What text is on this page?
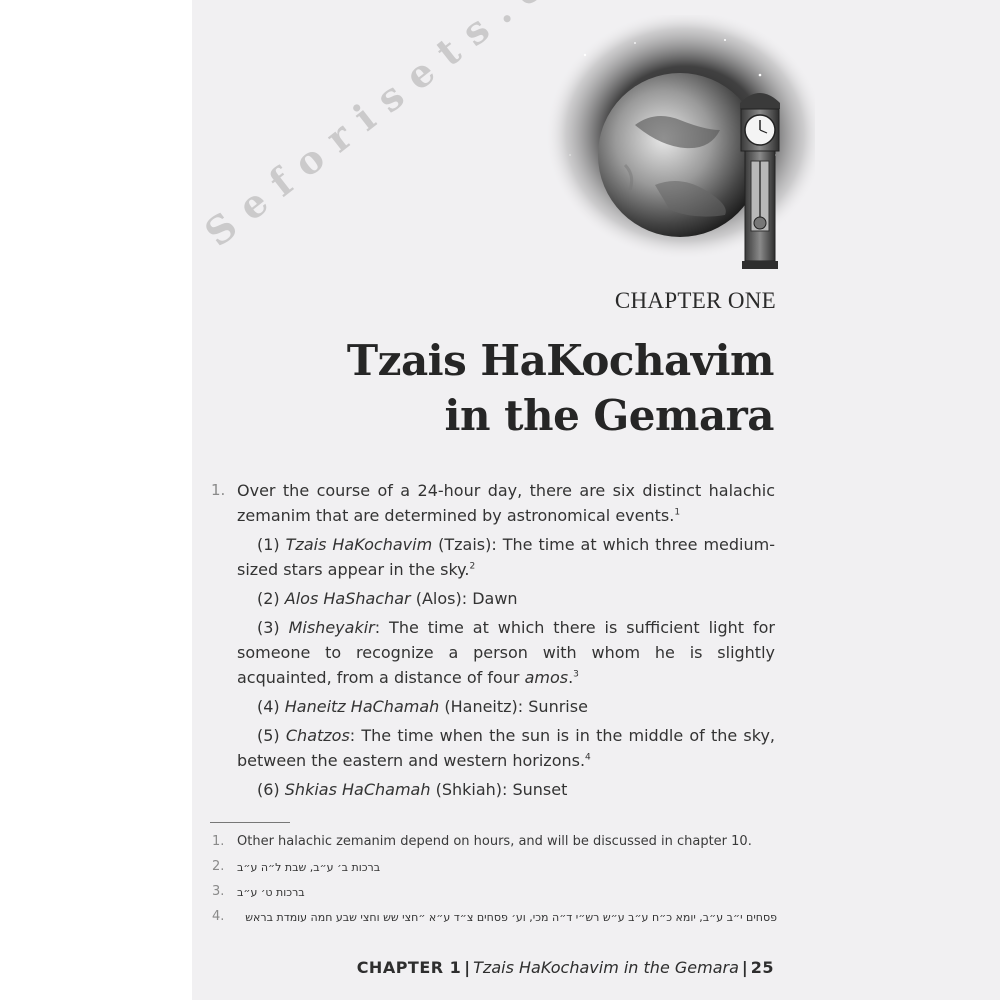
CHAPTER ONE
Tzais HaKochavim
in the Gemara
1. Over the course of a 24-hour day, there are six distinct halachic zemanim that are determined by astronomical events.$^1$

(1) Tzais HaKochavim (Tzais): The time at which three medium-sized stars appear in the sky.$^2$

(2) Alos HaShachar (Alos): Dawn

(3) Misheyakir: The time at which there is sufficient light for someone to recognize a person with whom he is slightly acquainted, from a distance of four amos.$^3$

(4) Haneitz HaChamah (Haneitz): Sunrise

(5) Chatzos: The time when the sun is in the middle of the sky, between the eastern and western horizons.$^4$

(6) Shkias HaChamah (Shkiah): Sunset

1. Other halachic zemanim depend on hours, and will be discussed in chapter 10.
2. ברכות ב׳ ע״ב, שבת ל״ה ע״ב
3. ברכות ט׳ ע״ב
4. פסחים י״ב ע״ב, יומא כ״ח ע״ב ע״ש רש״י ד״ה מכי, וע׳ פסחים צ״ד ע״א ״חצי שש וחצי שבע חמה עומדת בראש
CHAPTER 1 | Tzais HaKochavim in the Gemara | 25
